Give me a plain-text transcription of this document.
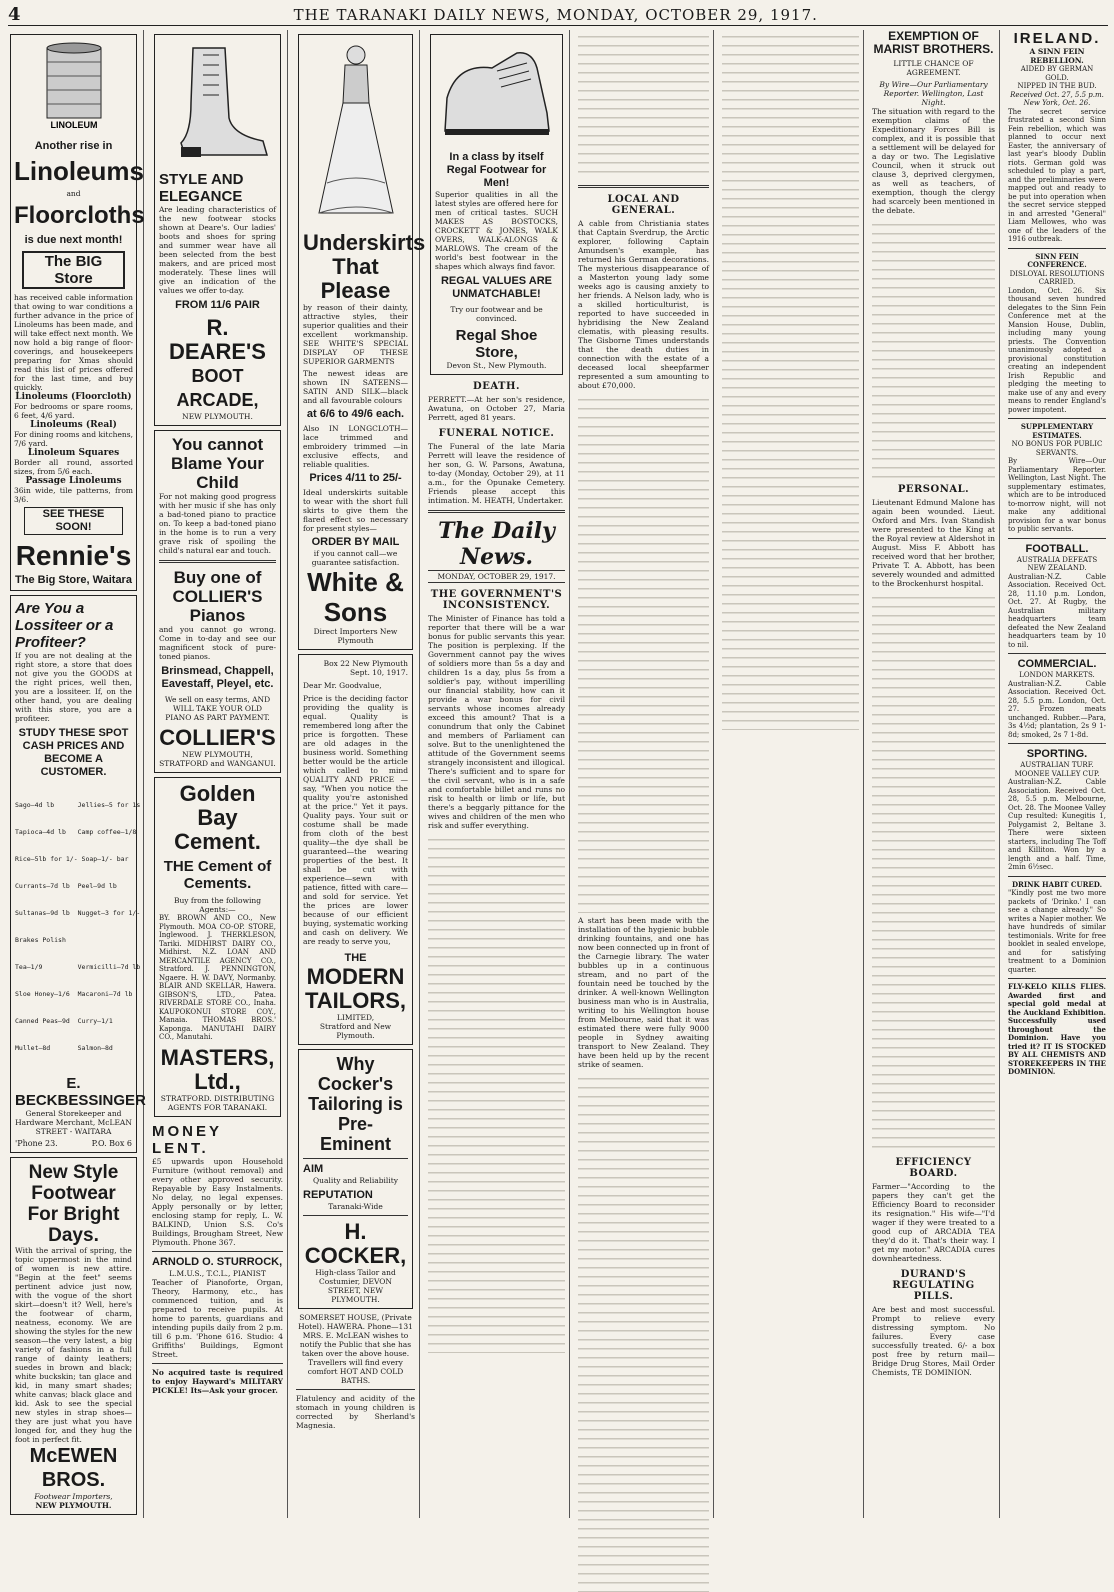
4	THE TARANAKI DAILY NEWS, MONDAY, OCTOBER 29, 1917.
LINOLEUM
Another rise in
Linoleums
and
Floorcloths
is due next month!
The BIG Store
has received cable information that owing to war conditions a further advance in the price of Linoleums has been made, and will take effect next month. We now hold a big range of floor-coverings, and housekeepers preparing for Xmas should read this list of prices offered for the last time, and buy quickly.
Linoleums (Floorcloth)
For bedrooms or spare rooms, 6 feet, 4/6 yard.
Linoleums (Real)
For dining rooms and kitchens, 7/6 yard.
Linoleum Squares
Border all round, assorted sizes, from 5/6 each.
Passage Linoleums
36in wide, tile patterns, from 3/6.
SEE THESE SOON!
Rennie's
The Big Store, Waitara
Are You a Lossiteer or a Profiteer?
If you are not dealing at the right store, a store that does not give you the GOODS at the right prices, well then, you are a lossiteer. If, on the other hand, you are dealing with this store, you are a profiteer.
STUDY THESE SPOT CASH PRICES AND BECOME A CUSTOMER.

Sago—4d lb      Jellies—5 for 1s

Tapioca—4d lb   Camp coffee—1/8

Rice—5lb for 1/- Soap—1/- bar

Currants—7d lb  Peel—9d lb

Sultanas—9d lb  Nugget—3 for 1/-

Brakes Polish

Tea—1/9         Vermicilli—7d lb

Sloe Honey—1/6  Macaroni—7d lb

Canned Peas—9d  Curry—1/1

Mullet—8d       Salmon—8d

E. BECKBESSINGER
General Storekeeper and Hardware Merchant, McLEAN STREET - WAITARA
'Phone 23.	P.O. Box 6
New Style Footwear For Bright Days.
With the arrival of spring, the topic uppermost in the mind of women is new attire. "Begin at the feet" seems pertinent advice just now, with the vogue of the short skirt—doesn't it? Well, here's the footwear of charm, neatness, economy. We are showing the styles for the new season—the very latest, a big variety of fashions in a full range of dainty leathers; suedes in brown and black; white buckskin; tan glace and kid, in many smart shades; white canvas; black glace and kid. Ask to see the special new styles in strap shoes—they are just what you have longed for, and they hug the foot in perfect fit.
McEWEN BROS.
Footwear Importers,
NEW PLYMOUTH.
STYLE AND ELEGANCE
Are leading characteristics of the new footwear stocks shown at Deare's. Our ladies' boots and shoes for spring and summer wear have all been selected from the best makers, and are priced most moderately. These lines will give an indication of the values we offer to-day.
FROM 11/6 PAIR
R. DEARE'S
BOOT ARCADE,
NEW PLYMOUTH.
You cannot Blame Your Child
For not making good progress with her music if she has only a bad-toned piano to practice on. To keep a bad-toned piano in the home is to run a very grave risk of spoiling the child's natural ear and touch.
Buy one of COLLIER'S Pianos
and you cannot go wrong. Come in to-day and see our magnificent stock of pure-toned pianos.
Brinsmead, Chappell, Eavestaff, Pleyel, etc.
We sell on easy terms, AND WILL TAKE YOUR OLD PIANO AS PART PAYMENT.
COLLIER'S
NEW PLYMOUTH, STRATFORD and WANGANUI.
Golden Bay Cement.
THE Cement of Cements.
Buy from the following Agents:—
BY. BROWN AND CO., New Plymouth. MOA CO-OP. STORE, Inglewood. J. THERKLESON, Tariki. MIDHIRST DAIRY CO., Midhirst. N.Z. LOAN AND MERCANTILE AGENCY CO., Stratford. J. PENNINGTON, Ngaere. H. W. DAVY, Normanby. BLAIR AND SKELLAR, Hawera. GIBSON'S, LTD., Patea. RIVERDALE STORE CO., Inaha. KAUPOKONUI STORE COY., Manaia. THOMAS BROS.' Kaponga. MANUTAHI DAIRY CO., Manutahi.
MASTERS, Ltd.,
STRATFORD. DISTRIBUTING AGENTS FOR TARANAKI.
MONEY LENT.
£5 upwards upon Household Furniture (without removal) and every other approved security. Repayable by Easy Instalments. No delay, no legal expenses. Apply personally or by letter, enclosing stamp for reply, L. W. BALKIND, Union S.S. Co's Buildings, Brougham Street, New Plymouth. Phone 367.
ARNOLD O. STURROCK,
L.M.U.S., T.C.L., PIANIST
Teacher of Pianoforte, Organ, Theory, Harmony, etc., has commenced tuition, and is prepared to receive pupils. At home to parents, guardians and intending pupils daily from 2 p.m. till 6 p.m. 'Phone 616. Studio: 4 Griffiths' Buildings, Egmont Street.
No acquired taste is required to enjoy Hayward's MILITARY PICKLE! Its—Ask your grocer.
Underskirts That Please
by reason of their dainty, attractive styles, their superior qualities and their excellent workmanship. SEE WHITE'S SPECIAL DISPLAY OF THESE SUPERIOR GARMENTS
The newest ideas are shown IN SATEENS—SATIN AND SILK—black and all favourable colours
at 6/6 to 49/6 each.
Also IN LONGCLOTH—lace trimmed and embroidery trimmed —in exclusive effects, and reliable qualities.
Prices 4/11 to 25/-
Ideal underskirts suitable to wear with the short full skirts to give them the flared effect so necessary for present styles—
ORDER BY MAIL
if you cannot call—we guarantee satisfaction.
White & Sons
Direct Importers New Plymouth
Box 22 New Plymouth Sept. 10, 1917.
Dear Mr. Goodvalue,
Price is the deciding factor providing the quality is equal. Quality is remembered long after the price is forgotten. These are old adages in the business world. Something better would be the article which called to mind QUALITY AND PRICE —say, "When you notice the quality you're astonished at the price." Yet it pays. Quality pays. Your suit or costume shall be made from cloth of the best quality—the dye shall be guaranteed—the wearing properties of the best. It shall be cut with experience—sewn with patience, fitted with care—and sold for service. Yet the prices are lower because of our efficient buying, systematic working and cash on delivery. We are ready to serve you,
THE
MODERN TAILORS,
LIMITED,
Stratford and New Plymouth.
Why Cocker's Tailoring is Pre-Eminent
AIM
Quality and Reliability
REPUTATION
Taranaki-Wide
H. COCKER,
High-class Tailor and Costumier, DEVON STREET, NEW PLYMOUTH.
SOMERSET HOUSE, (Private Hotel). HAWERA. Phone—131 MRS. E. McLEAN wishes to notify the Public that she has taken over the above house. Travellers will find every comfort HOT AND COLD BATHS.
Flatulency and acidity of the stomach in young children is corrected by Sherland's Magnesia.
In a class by itself Regal Footwear for Men!
Superior qualities in all the latest styles are offered here for men of critical tastes. SUCH MAKES AS BOSTOCKS, CROCKETT & JONES, WALK OVERS, WALK-ALONGS & MARLOWS. The cream of the world's best footwear in the shapes which always find favor.
REGAL VALUES ARE UNMATCHABLE!
Try our footwear and be convinced.
Regal Shoe Store,
Devon St., New Plymouth.
DEATH.
PERRETT.—At her son's residence, Awatuna, on October 27, Maria Perrett, aged 81 years.
FUNERAL NOTICE.
The Funeral of the late Maria Perrett will leave the residence of her son, G. W. Parsons, Awatuna, to-day (Monday, October 29), at 11 a.m., for the Opunake Cemetery. Friends please accept this intimation. M. HEATH, Undertaker.
The Daily News.
MONDAY, OCTOBER 29, 1917.
THE GOVERNMENT'S INCONSISTENCY.
The Minister of Finance has told a reporter that there will be a war bonus for public servants this year. The position is perplexing. If the Government cannot pay the wives of soldiers more than 5s a day and children 1s a day, plus 5s from a soldier's pay, without imperilling our financial stability, how can it provide a war bonus for civil servants whose incomes already exceed this amount? That is a conundrum that only the Cabinet and members of Parliament can solve. But to the unenlightened the attitude of the Government seems strangely inconsistent and illogical. There's sufficient and to spare for the civil servant, who is in a safe and comfortable billet and runs no risk to health or limb or life, but there's a beggarly pittance for the wives and children of the men who risk and suffer everything.
LOCAL AND GENERAL.
A cable from Christiania states that Captain Sverdrup, the Arctic explorer, following Captain Amundsen's example, has returned his German decorations. The mysterious disappearance of a Masterton young lady some weeks ago is causing anxiety to her friends. A Nelson lady, who is a skilled horticulturist, is reported to have succeeded in hybridising the New Zealand clematis, with pleasing results. The Gisborne Times understands that the death duties in connection with the estate of a deceased local sheepfarmer represented a sum amounting to about £70,000.
A start has been made with the installation of the hygienic bubble drinking fountains, and one has now been connected up in front of the Carnegie library. The water bubbles up in a continuous stream, and no part of the fountain need be touched by the drinker. A well-known Wellington business man who is in Australia, writing to his Wellington house from Melbourne, said that it was estimated there were fully 9000 people in Sydney awaiting transport to New Zealand. They have been held up by the recent strike of seamen.
EXEMPTION OF MARIST BROTHERS.
LITTLE CHANCE OF AGREEMENT.
By Wire—Our Parliamentary Reporter. Wellington, Last Night.
The situation with regard to the exemption claims of the Expeditionary Forces Bill is complex, and it is possible that a settlement will be delayed for a day or two. The Legislative Council, when it struck out clause 3, deprived clergymen, as well as teachers, of exemption, though the clergy had scarcely been mentioned in the debate.
PERSONAL.
Lieutenant Edmund Malone has again been wounded. Lieut. Oxford and Mrs. Ivan Standish were presented to the King at the Royal review at Aldershot in August. Miss F. Abbott has received word that her brother, Private T. A. Abbott, has been severely wounded and admitted to the Brockenhurst hospital.
EFFICIENCY BOARD.
Farmer—"According to the papers they can't get the Efficiency Board to reconsider its resignation." His wife—"I'd wager if they were treated to a good cup of ARCADIA TEA they'd do it. That's their way. I get my motor." ARCADIA cures downheartedness.
DURAND'S REGULATING PILLS.
Are best and most successful. Prompt to relieve every distressing symptom. No failures. Every case successfully treated. 6/- a box post free by return mail—Bridge Drug Stores, Mail Order Chemists, TE DOMINION.
IRELAND.
A SINN FEIN REBELLION.
AIDED BY GERMAN GOLD.
NIPPED IN THE BUD.
Received Oct. 27, 5.5 p.m. New York, Oct. 26.
The secret service frustrated a second Sinn Fein rebellion, which was planned to occur next Easter, the anniversary of last year's bloody Dublin riots. German gold was scheduled to play a part, and the preliminaries were mapped out and ready to be put into operation when the secret service stepped in and arrested "General" Liam Mellowes, who was one of the leaders of the 1916 outbreak.
SINN FEIN CONFERENCE.
DISLOYAL RESOLUTIONS CARRIED.
London, Oct. 26. Six thousand seven hundred delegates to the Sinn Fein Conference met at the Mansion House, Dublin, including many young priests. The Convention unanimously adopted a provisional constitution creating an independent Irish Republic and pledging the meeting to make use of any and every means to render England's power impotent.
SUPPLEMENTARY ESTIMATES.
NO BONUS FOR PUBLIC SERVANTS.
By Wire—Our Parliamentary Reporter. Wellington, Last Night. The supplementary estimates, which are to be introduced to-morrow night, will not make any additional provision for a war bonus to public servants.
FOOTBALL.
AUSTRALIA DEFEATS NEW ZEALAND.
Australian-N.Z. Cable Association. Received Oct. 28, 11.10 p.m. London, Oct. 27. At Rugby, the Australian military headquarters team defeated the New Zealand headquarters team by 10 to nil.
COMMERCIAL.
LONDON MARKETS.
Australian-N.Z. Cable Association. Received Oct. 28, 5.5 p.m. London, Oct. 27. Frozen meats unchanged. Rubber.—Para, 3s 4½d; plantation, 2s 9 1-8d; smoked, 2s 7 1-8d.
SPORTING.
AUSTRALIAN TURF.
MOONEE VALLEY CUP.
Australian-N.Z. Cable Association. Received Oct. 28, 5.5 p.m. Melbourne, Oct. 28. The Moonee Valley Cup resulted: Kunegitis 1, Polygamist 2, Beltane 3. There were sixteen starters, including The Toff and Killiton. Won by a length and a half. Time, 2min 6½sec.
DRINK HABIT CURED.
"Kindly post me two more packets of 'Drinko.' I can see a change already." So writes a Napier mother. We have hundreds of similar testimonials. Write for free booklet in sealed envelope, and for satisfying treatment to a Dominion quarter.
FLY-KELO KILLS FLIES. Awarded first and special gold medal at the Auckland Exhibition. Successfully used throughout the Dominion. Have you tried it? IT IS STOCKED BY ALL CHEMISTS AND STOREKEEPERS IN THE DOMINION.
